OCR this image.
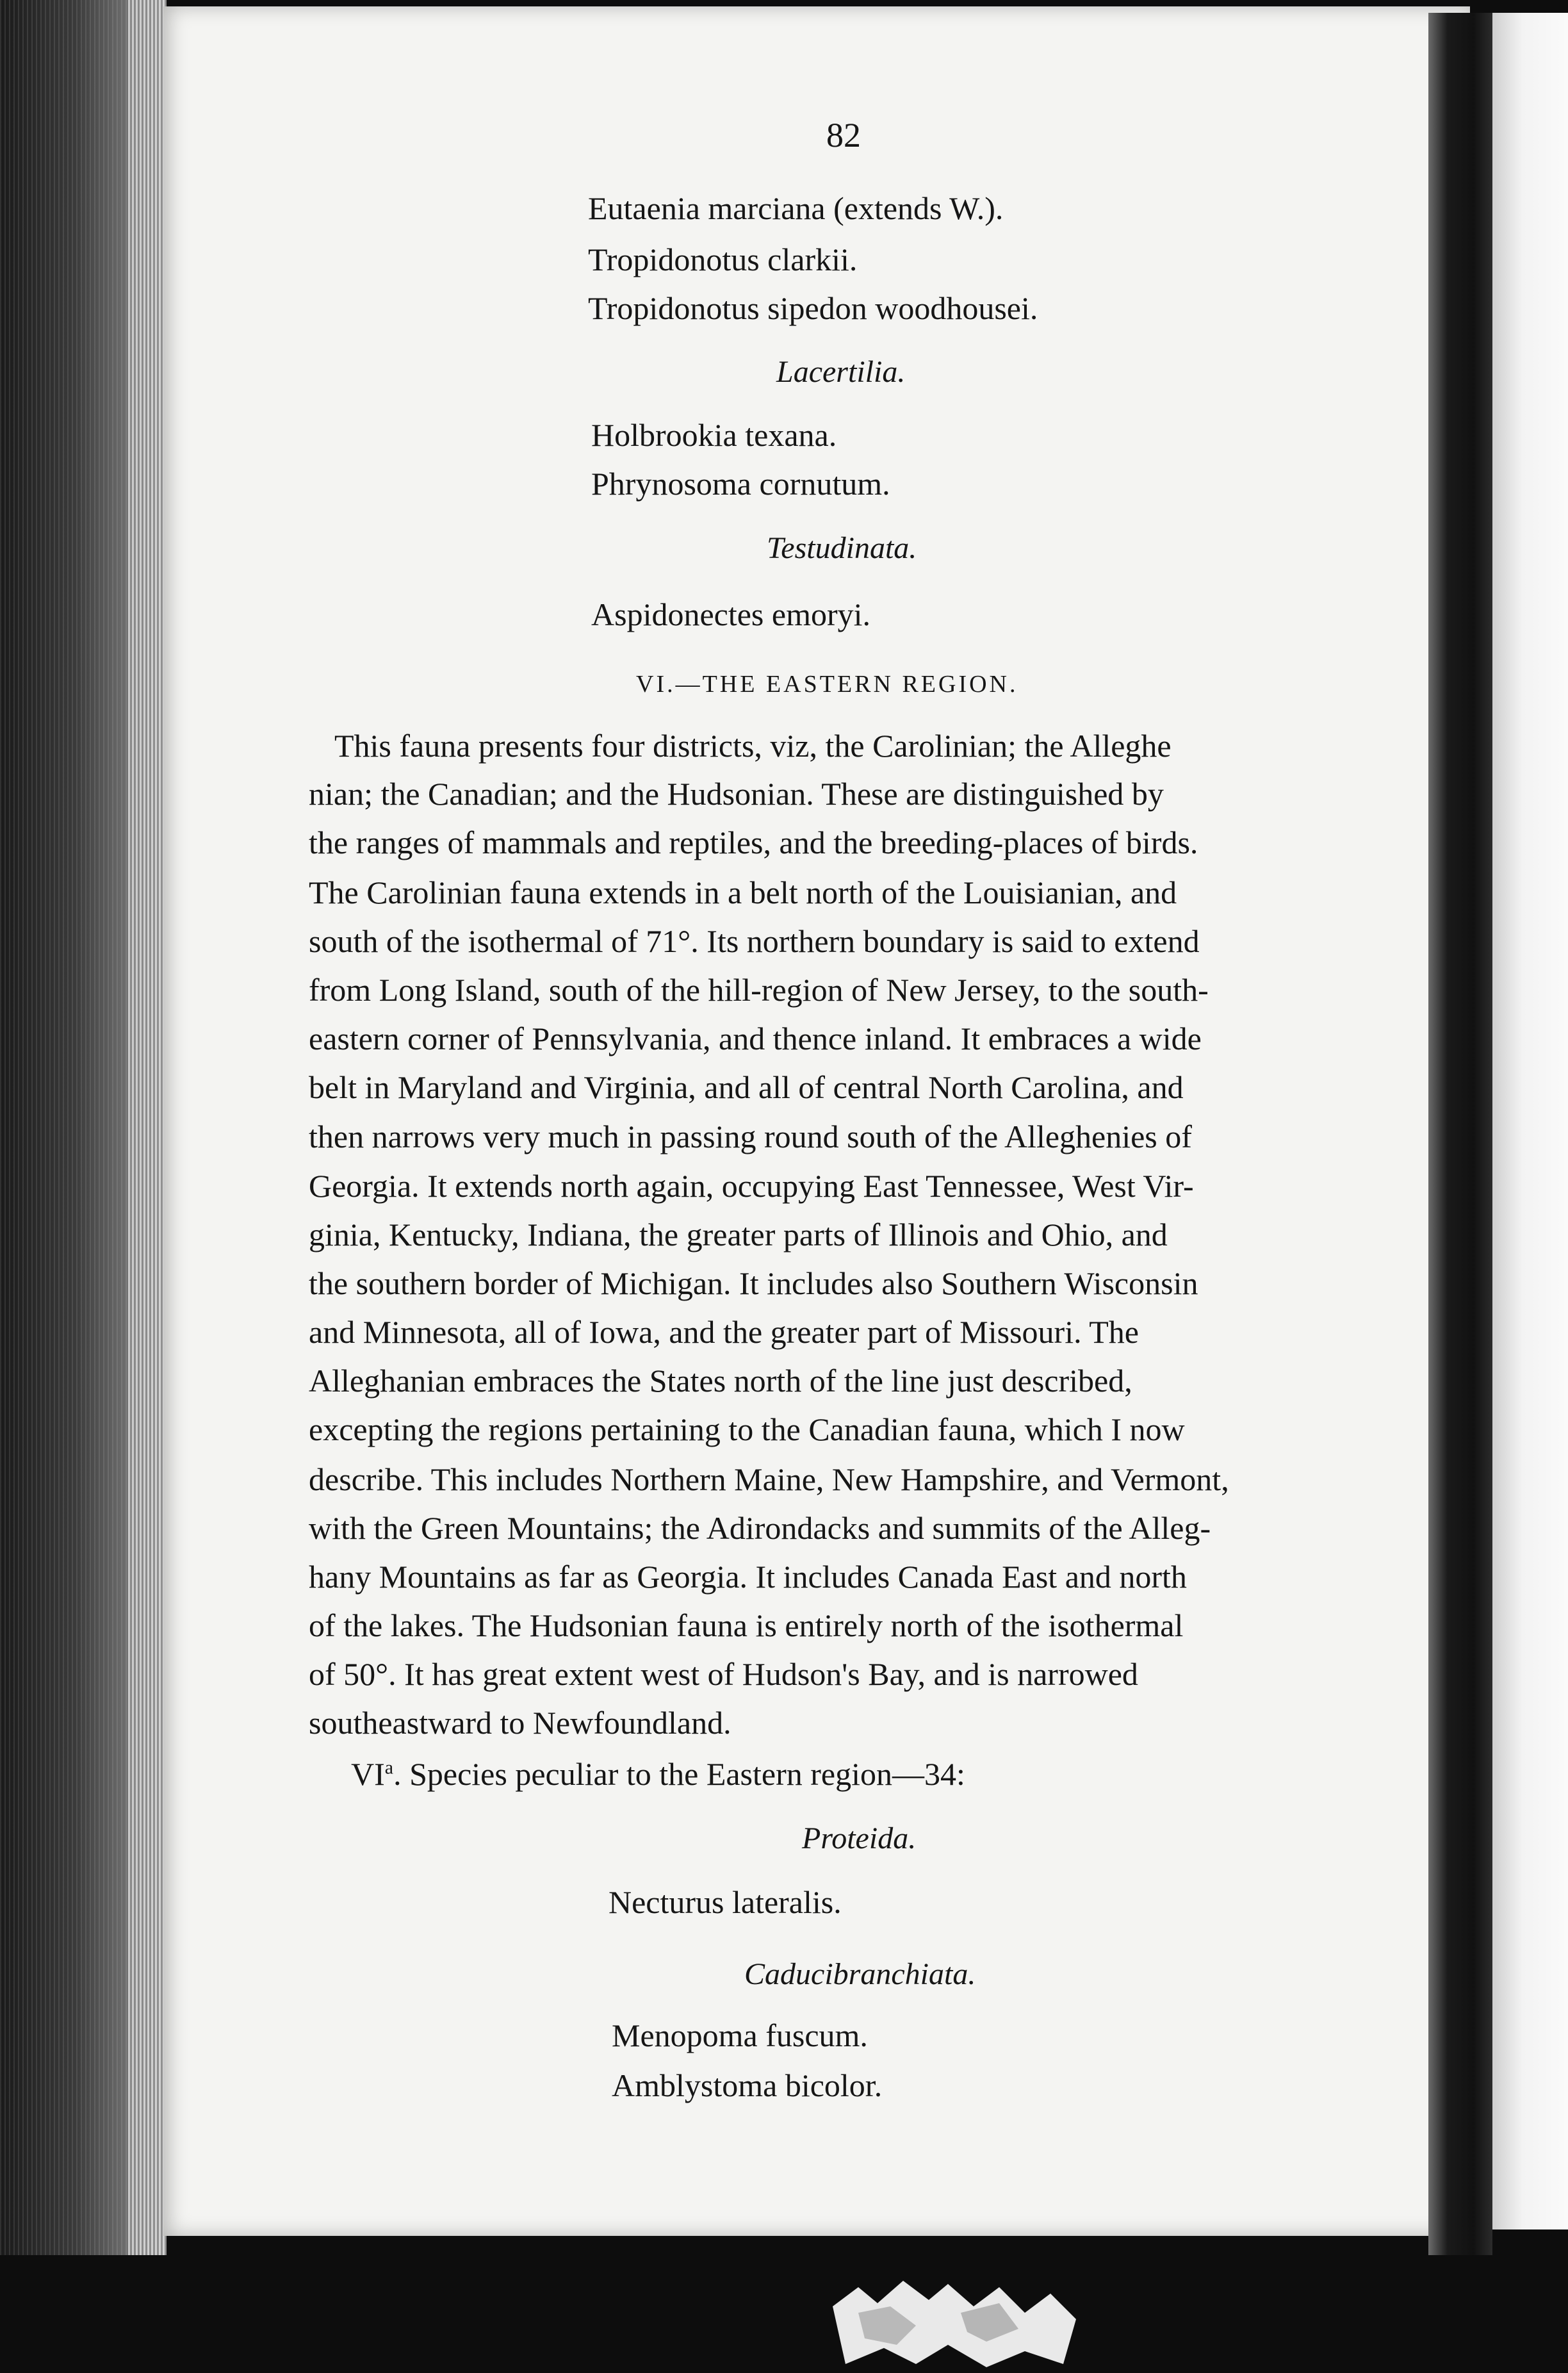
82
Eutaenia marciana (extends W.).
Tropidonotus clarkii.
Tropidonotus sipedon woodhousei.
Lacertilia.
Holbrookia texana.
Phrynosoma cornutum.
Testudinata.
Aspidonectes emoryi.
VI.—THE EASTERN REGION.
This fauna presents four districts, viz, the Carolinian; the Alleghe
nian; the Canadian; and the Hudsonian. These are distinguished by
the ranges of mammals and reptiles, and the breeding-places of birds.
The Carolinian fauna extends in a belt north of the Louisianian, and
south of the isothermal of 71°. Its northern boundary is said to extend
from Long Island, south of the hill-region of New Jersey, to the south-
eastern corner of Pennsylvania, and thence inland. It embraces a wide
belt in Maryland and Virginia, and all of central North Carolina, and
then narrows very much in passing round south of the Alleghenies of
Georgia. It extends north again, occupying East Tennessee, West Vir-
ginia, Kentucky, Indiana, the greater parts of Illinois and Ohio, and
the southern border of Michigan. It includes also Southern Wisconsin
and Minnesota, all of Iowa, and the greater part of Missouri. The
Alleghanian embraces the States north of the line just described,
excepting the regions pertaining to the Canadian fauna, which I now
describe. This includes Northern Maine, New Hampshire, and Vermont,
with the Green Mountains; the Adirondacks and summits of the Alleg-
hany Mountains as far as Georgia. It includes Canada East and north
of the lakes. The Hudsonian fauna is entirely north of the isothermal
of 50°. It has great extent west of Hudson's Bay, and is narrowed
southeastward to Newfoundland.
$VI^a$. Species peculiar to the Eastern region—34:
Proteida.
Necturus lateralis.
Caducibranchiata.
Menopoma fuscum.
Amblystoma bicolor.
